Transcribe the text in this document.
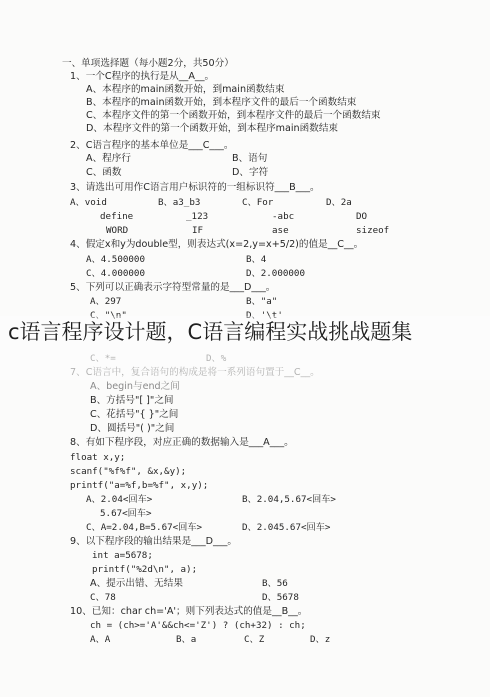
一、单项选择题（每小题2分，共50分）
1、一个C程序的执行是从__A__。
A、本程序的main函数开始，到main函数结束
B、本程序的main函数开始，到本程序文件的最后一个函数结束
C、本程序文件的第一个函数开始，到本程序文件的最后一个函数结束
D、本程序文件的第一个函数开始，到本程序main函数结束
2、C语言程序的基本单位是___C___。
A、程序行	B、语句
C、函数	D、字符
3、请选出可用作C语言用户标识符的一组标识符___B___。
A、void	B、a3_b3	C、For	D、2a
define	_123	-abc	DO
WORD	IF	ase	sizeof
4、假定x和y为double型，则表达式(x=2,y=x+5/2)的值是__C__。
A、4.500000	B、4
C、4.000000	D、2.000000
5、下列可以正确表示字符型常量的是___D___。
A、297	B、"a"
C、"\n"	D、'\t'
C、*=	D、%
7、C语言中，复合语句的构成是将一系列语句置于__C__。
A、begin与end之间
B、方括号"[ ]"之间
C、花括号"{ }"之间
D、圆括号"( )"之间
8、有如下程序段，对应正确的数据输入是___A___。
float x,y;
scanf("%f%f", &x,&y);
printf("a=%f,b=%f", x,y);
A、2.04<回车>	B、2.04,5.67<回车>
5.67<回车>
C、A=2.04,B=5.67<回车>	D、2.045.67<回车>
9、以下程序段的输出结果是___D___。
int a=5678;
printf("%2d\n", a);
A、提示出错、无结果	B、56
C、78	D、5678
10、已知：char ch='A'；则下列表达式的值是__B__。
ch = (ch>='A'&&ch<='Z') ? (ch+32) : ch;
A、A	B、a	C、Z	D、z
c语言程序设计题，C语言编程实战挑战题集
